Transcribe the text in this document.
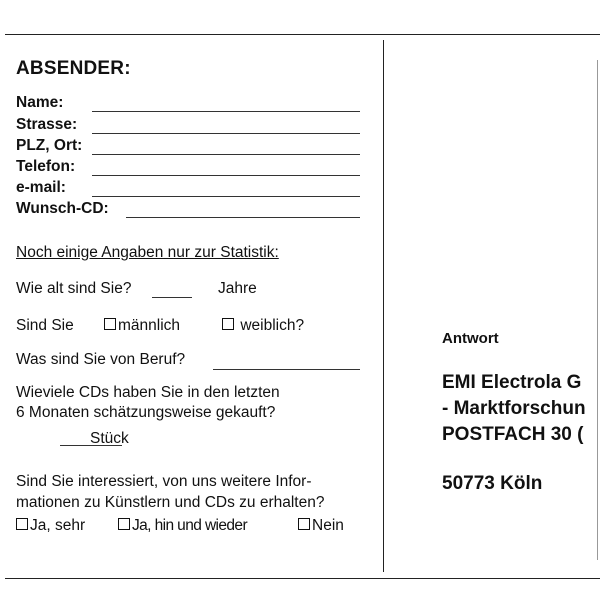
ABSENDER:
Name:
Strasse:
PLZ, Ort:
Telefon:
e-mail:
Wunsch-CD:
Noch einige Angaben nur zur Statistik:
Wie alt sind Sie?	Jahre
Sind Sie	männlich	weiblich?
Was sind Sie von Beruf?
Wieviele CDs haben Sie in den letzten
6 Monaten schätzungsweise gekauft?
Stück
Sind Sie interessiert, von uns weitere Infor-
mationen zu Künstlern und CDs zu erhalten?
Ja, sehr	Ja, hin und wieder	Nein
Antwort
EMI Electrola G
- Marktforschun
POSTFACH 30 (
50773 Köln
